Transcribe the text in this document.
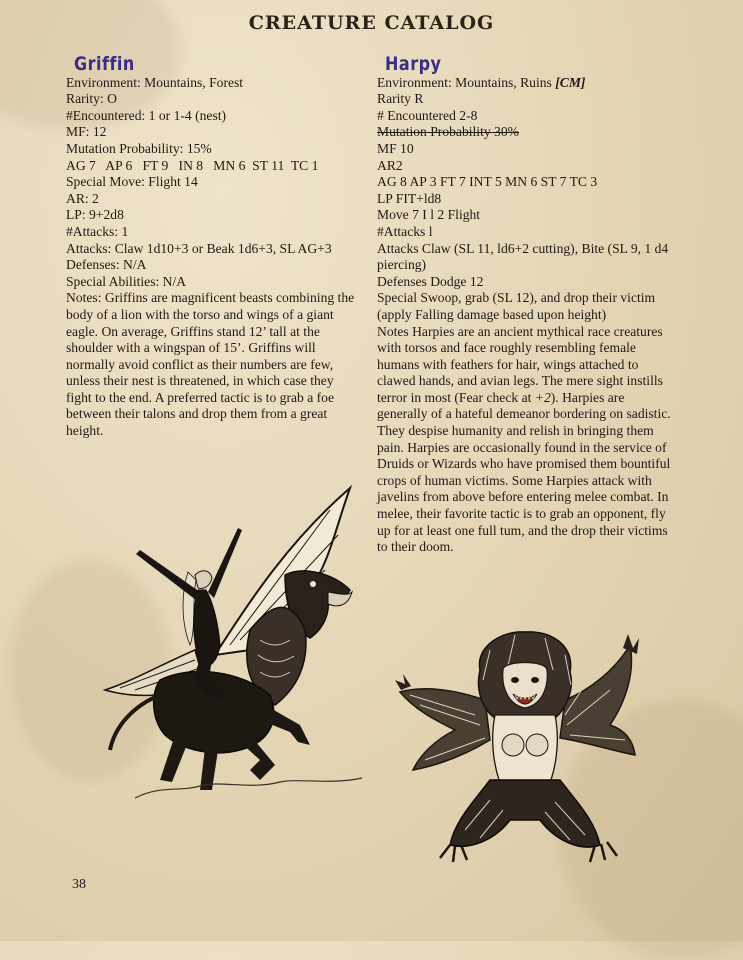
CREATURE CATALOG
Griffin
Environment: Mountains, Forest
Rarity: O
#Encountered: 1 or 1-4 (nest)
MF: 12
Mutation Probability: 15%
AG 7   AP 6   FT 9   IN 8   MN 6  ST 11  TC 1
Special Move: Flight 14
AR: 2
LP: 9+2d8
#Attacks: 1
Attacks: Claw 1d10+3 or Beak 1d6+3, SL AG+3
Defenses: N/A
Special Abilities: N/A
Notes: Griffins are magnificent beasts combining the body of a lion with the torso and wings of a giant eagle. On average, Griffins stand 12’ tall at the shoulder with a wingspan of 15’. Griffins will normally avoid conflict as their numbers are few, unless their nest is threatened, in which case they fight to the end. A preferred tactic is to grab a foe between their talons and drop them from a great height.
Harpy
Environment: Mountains, Ruins [CM]
Rarity R
# Encountered 2-8
Mutation Probability 30%
MF 10
AR2
AG 8 AP 3 FT 7 INT 5 MN 6 ST 7 TC 3
LP FIT+ld8
Move 7 I l 2 Flight
#Attacks l
Attacks Claw (SL 11, ld6+2 cutting), Bite (SL 9, 1 d4 piercing)
Defenses Dodge 12
Special Swoop, grab (SL 12), and drop their victim (apply Falling damage based upon height)
Notes Harpies are an ancient mythical race creatures with torsos and face roughly resembling female humans with feathers for hair, wings attached to clawed hands, and avian legs. The mere sight instills terror in most (Fear check at +2). Harpies are generally of a hateful demeanor bordering on sadistic. They despise humanity and relish in bringing them pain. Harpies are occasionally found in the service of Druids or Wizards who have promised them bountiful crops of human victims. Some Harpies attack with javelins from above before entering melee combat. In melee, their favorite tactic is to grab an opponent, fly up for at least one full tum, and the drop their victims to their doom.
38
